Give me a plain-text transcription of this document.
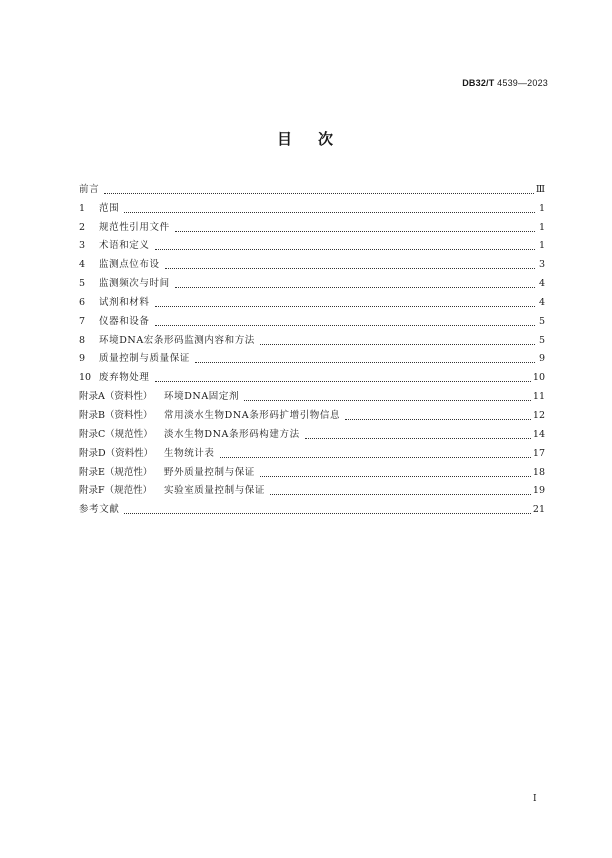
DB32/T 4539—2023
目 次
前言	Ⅲ
1	范围	1
2	规范性引用文件	1
3	术语和定义	1
4	监测点位布设	3
5	监测频次与时间	4
6	试剂和材料	4
7	仪器和设备	5
8	环境DNA宏条形码监测内容和方法	5
9	质量控制与质量保证	9
10 废弃物处理	10
附录A（资料性）	环境DNA固定剂	11
附录B（资料性）	常用淡水生物DNA条形码扩增引物信息	12
附录C（规范性）	淡水生物DNA条形码构建方法	14
附录D（资料性）	生物统计表	17
附录E（规范性）	野外质量控制与保证	18
附录F（规范性）	实验室质量控制与保证	19
参考文献	21
I
